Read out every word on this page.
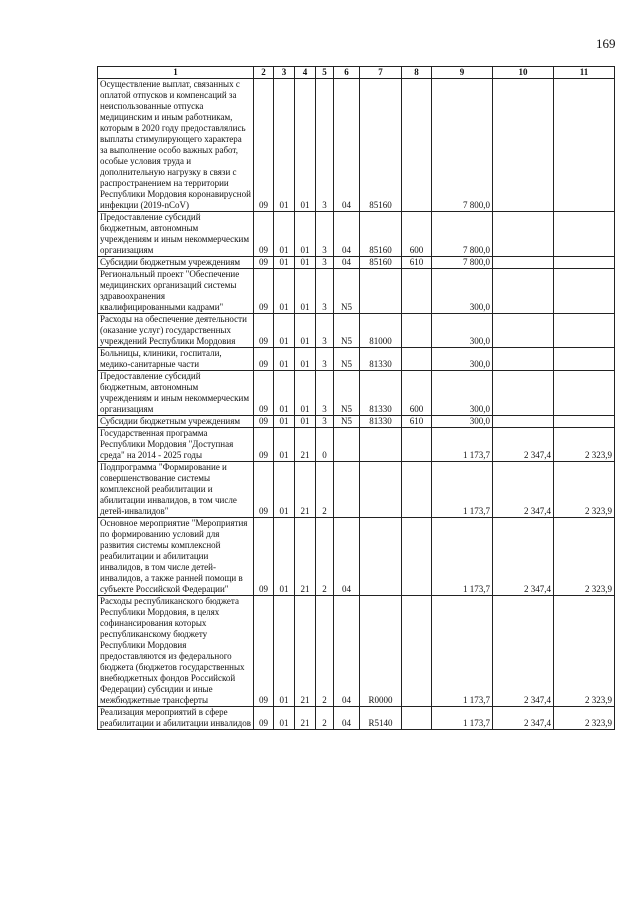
169
1	2	3	4	5	6	7	8	9	10	11
Осуществление выплат, связанных с оплатой отпусков и компенсаций за неиспользованные отпуска медицинским и иным работникам, которым в 2020 году предоставлялись выплаты стимулирующего характера за выполнение особо важных работ, особые условия труда и дополнительную нагрузку в связи с распространением на территории Республики Мордовия коронавирусной инфекции (2019-nCoV)	09	01	01	3	04	85160		7 800,0		
Предоставление субсидий бюджетным, автономным учреждениям и иным некоммерческим организациям	09	01	01	3	04	85160	600	7 800,0		
Субсидии бюджетным учреждениям	09	01	01	3	04	85160	610	7 800,0		
Региональный проект "Обеспечение медицинских организаций системы здравоохранения квалифицированными кадрами"	09	01	01	3	N5			300,0		
Расходы на обеспечение деятельности (оказание услуг) государственных учреждений Республики Мордовия	09	01	01	3	N5	81000		300,0		
Больницы, клиники, госпитали, медико-санитарные части	09	01	01	3	N5	81330		300,0		
Предоставление субсидий бюджетным, автономным учреждениям и иным некоммерческим организациям	09	01	01	3	N5	81330	600	300,0		
Субсидии бюджетным учреждениям	09	01	01	3	N5	81330	610	300,0		
Государственная программа Республики Мордовия "Доступная среда" на 2014 - 2025 годы	09	01	21	0				1 173,7	2 347,4	2 323,9
Подпрограмма "Формирование и совершенствование системы комплексной реабилитации и абилитации инвалидов, в том числе детей-инвалидов"	09	01	21	2				1 173,7	2 347,4	2 323,9
Основное мероприятие "Мероприятия по формированию условий для развития системы комплексной реабилитации и абилитации инвалидов, в том числе детей-инвалидов, а также ранней помощи в субъекте Российской Федерации"	09	01	21	2	04			1 173,7	2 347,4	2 323,9
Расходы республиканского бюджета Республики Мордовия, в целях софинансирования которых республиканскому бюджету Республики Мордовия предоставляются из федерального бюджета (бюджетов государственных внебюджетных фондов Российской Федерации) субсидии и иные межбюджетные трансферты	09	01	21	2	04	R0000		1 173,7	2 347,4	2 323,9
Реализация мероприятий в сфере реабилитации и абилитации инвалидов	09	01	21	2	04	R5140		1 173,7	2 347,4	2 323,9
